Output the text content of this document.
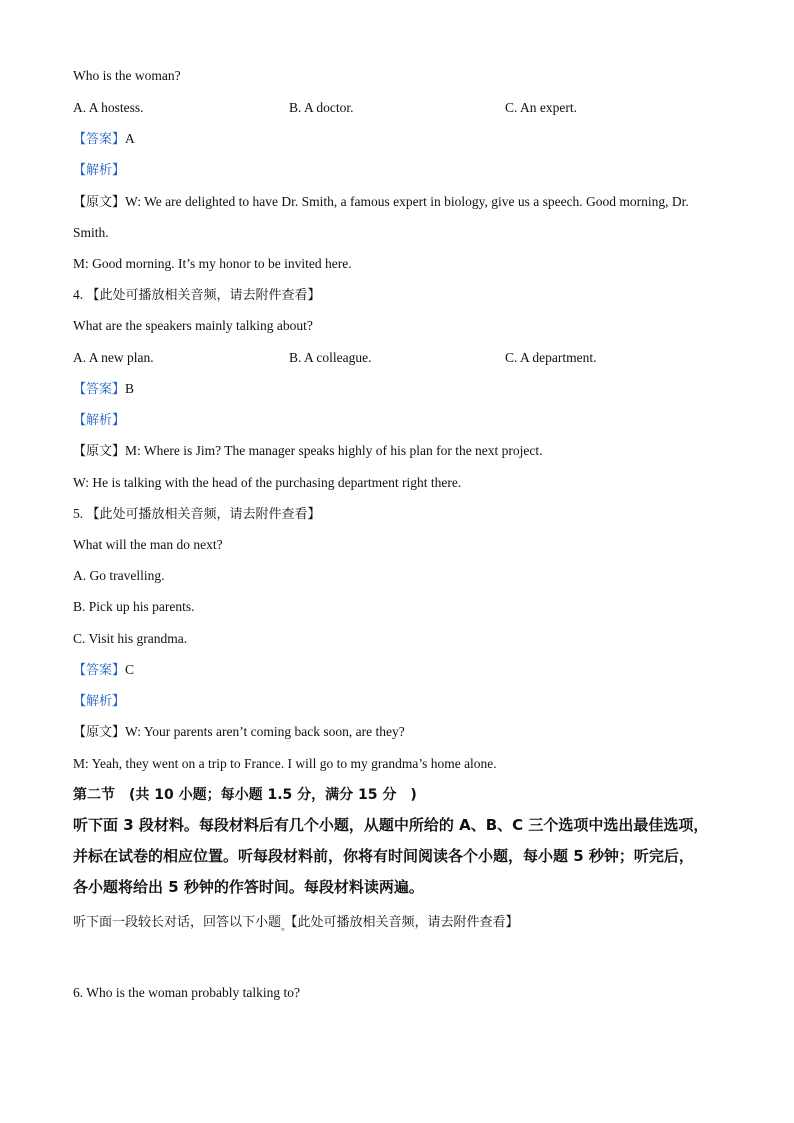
Who is the woman?
A. A hostess.	B. A doctor.	C. An expert.
【答案】A
【解析】
【原文】W: We are delighted to have Dr. Smith, a famous expert in biology, give us a speech. Good morning, Dr.
Smith.
M: Good morning. It’s my honor to be invited here.
4. 【此处可播放相关音频，请去附件查看】
What are the speakers mainly talking about?
A. A new plan.	B. A colleague.	C. A department.
【答案】B
【解析】
【原文】M: Where is Jim? The manager speaks highly of his plan for the next project.
W: He is talking with the head of the purchasing department right there.
5. 【此处可播放相关音频，请去附件查看】
What will the man do next?
A. Go travelling.
B. Pick up his parents.
C. Visit his grandma.
【答案】C
【解析】
【原文】W: Your parents aren’t coming back soon, are they?
M: Yeah, they went on a trip to France. I will go to my grandma’s home alone.
第二节　(共 10 小题；每小题 1.5 分，满分 15 分　)
听下面 3 段材料。每段材料后有几个小题，从题中所给的 A、B、C 三个选项中选出最佳选项，
并标在试卷的相应位置。听每段材料前，你将有时间阅读各个小题，每小题 5 秒钟；听完后，
各小题将给出 5 秒钟的作答时间。每段材料读两遍。
听下面一段较长对话，回答以下小题$_。$【此处可播放相关音频，请去附件查看】
6. Who is the woman probably talking to?
